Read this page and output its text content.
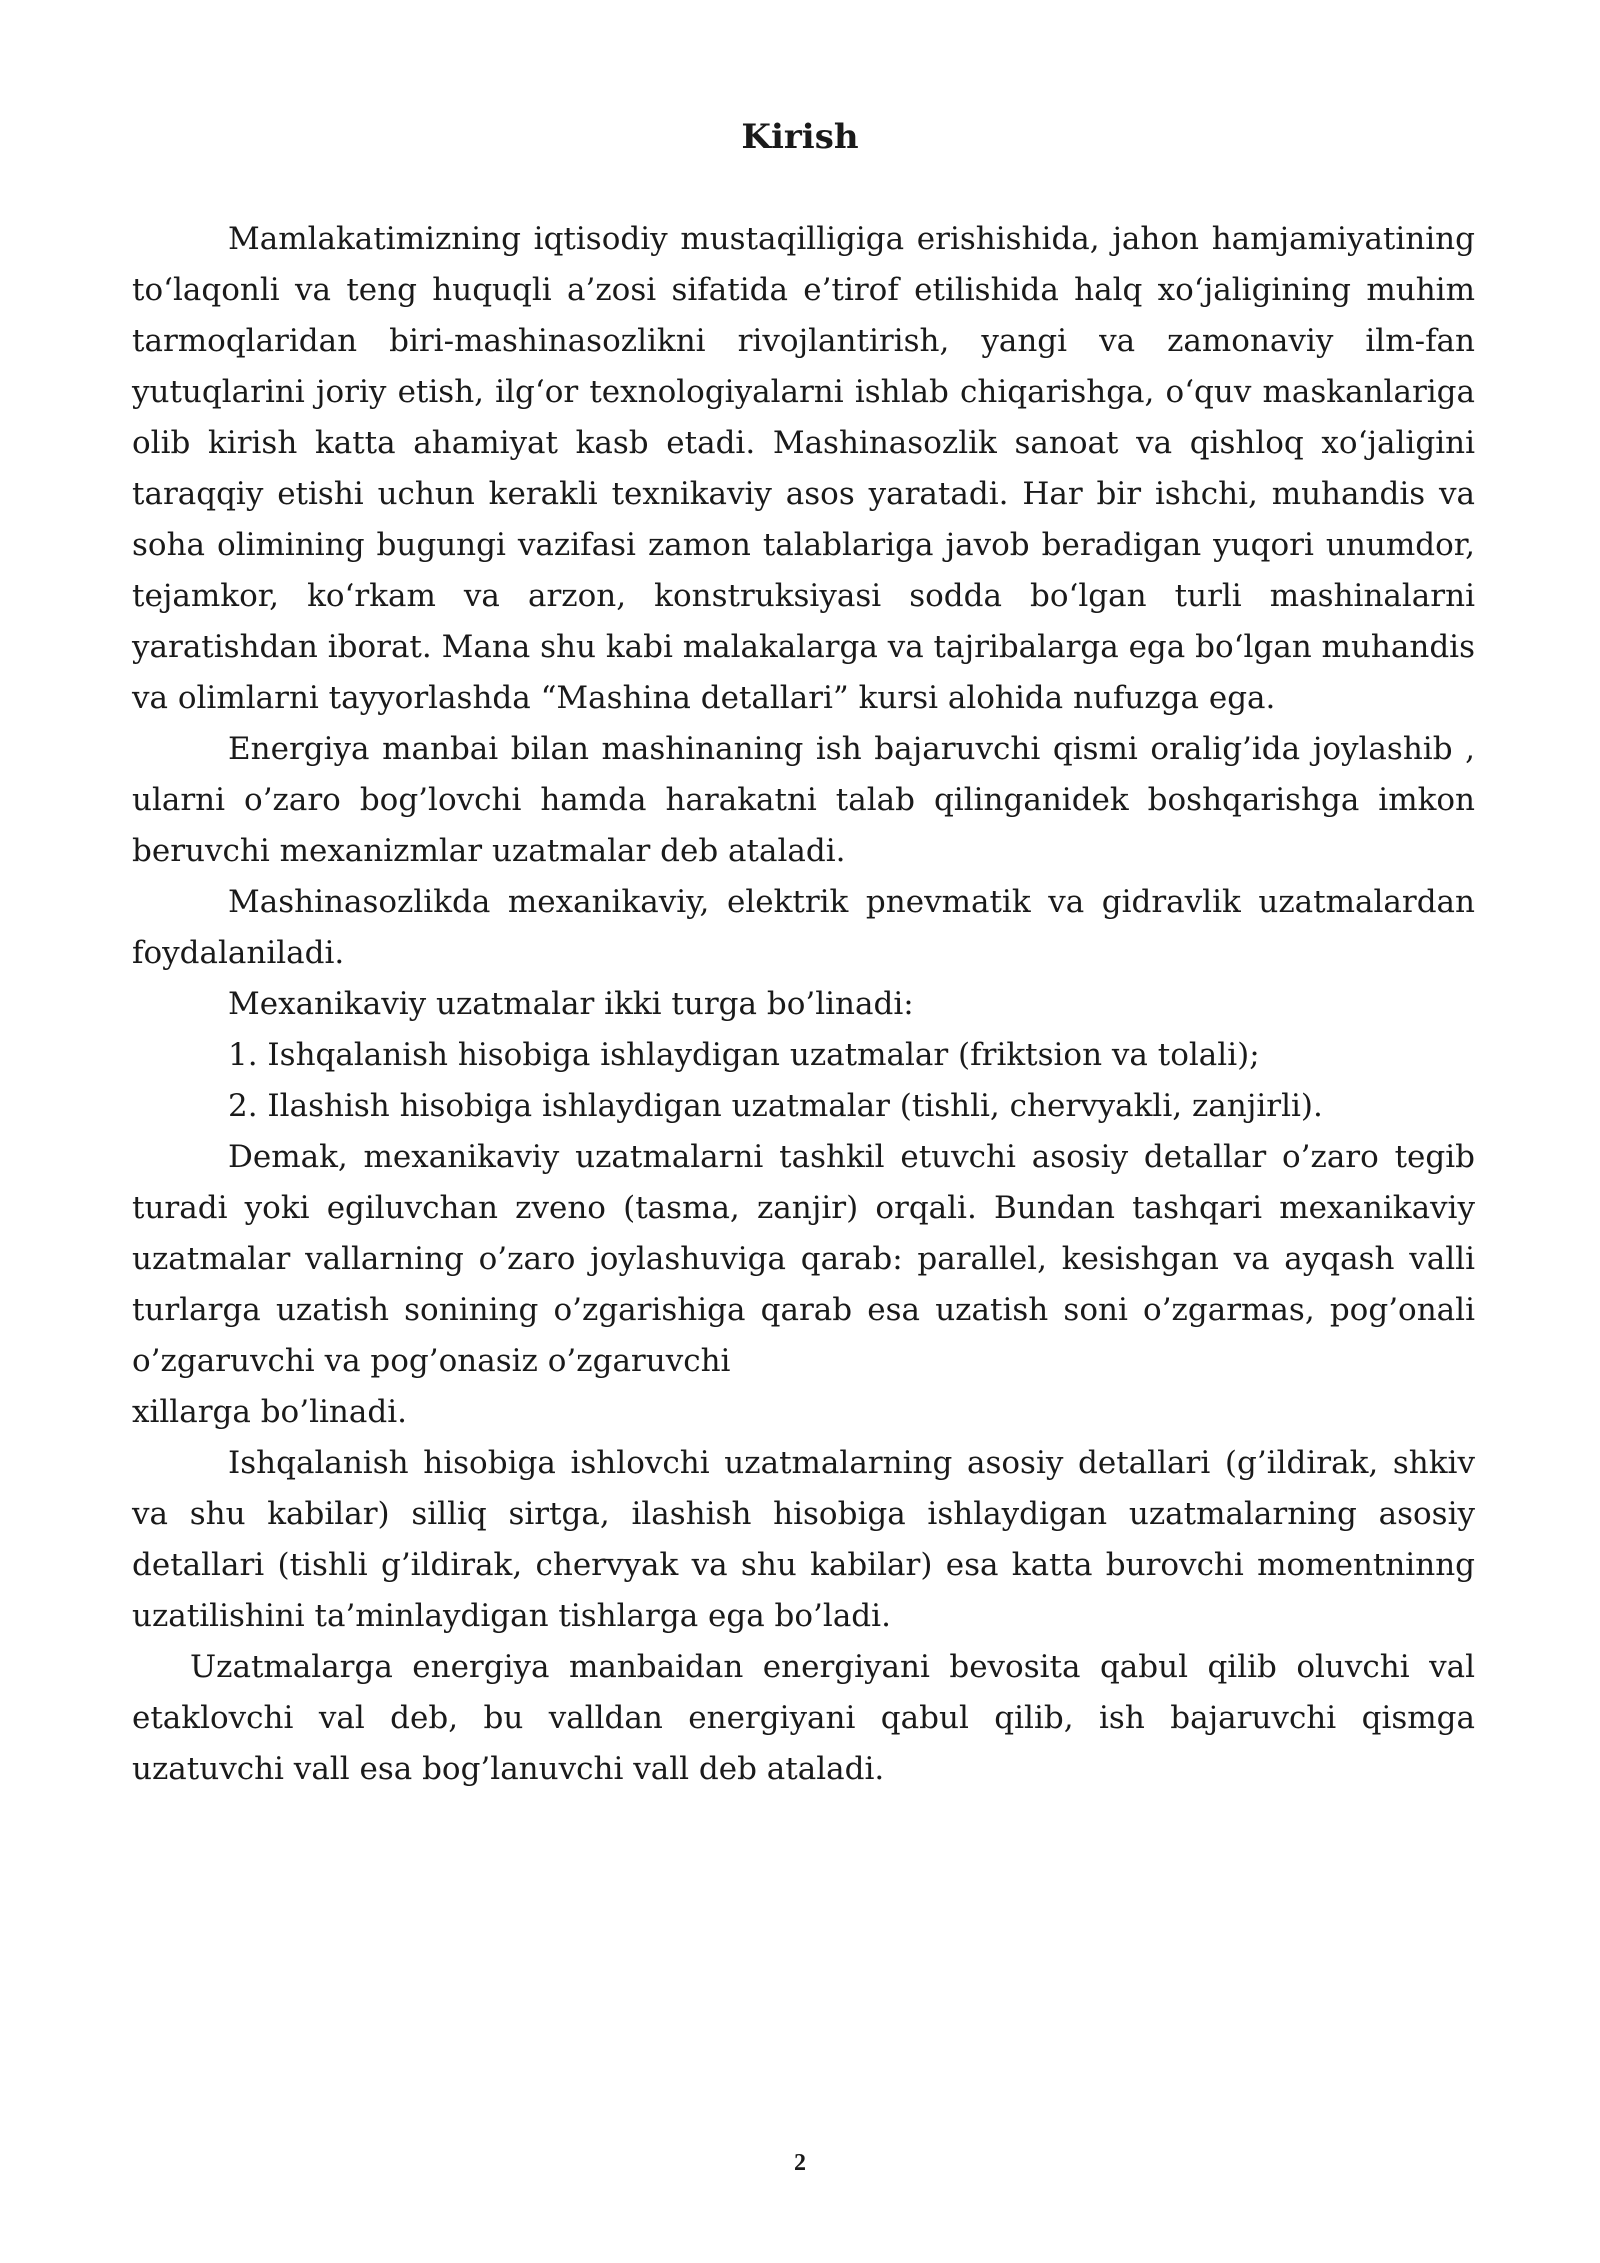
Kirish

Mamlakatimizning iqtisodiy mustaqilligiga erishishida, jahon hamjamiyatining to‘laqonli va teng huquqli a’zosi sifatida e’tirof etilishida halq xo‘jaligining muhim tarmoqlaridan biri-mashinasozlikni rivojlantirish, yangi va zamonaviy ilm-fan yutuqlarini joriy etish, ilg‘or texnologiyalarni ishlab chiqarishga, o‘quv maskanlariga olib kirish katta ahamiyat kasb etadi. Mashinasozlik sanoat va qishloq xo‘jaligini taraqqiy etishi uchun kerakli texnikaviy asos yaratadi. Har bir ishchi, muhandis va soha olimining bugungi vazifasi zamon talablariga javob beradigan yuqori unumdor, tejamkor, ko‘rkam va arzon, konstruksiyasi sodda bo‘lgan turli mashinalarni yaratishdan iborat. Mana shu kabi malakalarga va tajribalarga ega bo‘lgan muhandis va olimlarni tayyorlashda “Mashina detallari” kursi alohida nufuzga ega.

Energiya manbai bilan mashinaning ish bajaruvchi qismi oralig’ida joylashib , ularni o’zaro bog’lovchi hamda harakatni talab qilinganidek boshqarishga imkon beruvchi mexanizmlar uzatmalar deb ataladi.

Mashinasozlikda mexanikaviy, elektrik pnevmatik va gidravlik uzatmalardan foydalaniladi.

Mexanikaviy uzatmalar ikki turga bo’linadi:

1. Ishqalanish hisobiga ishlaydigan uzatmalar (friktsion va tolali);

2. Ilashish hisobiga ishlaydigan uzatmalar (tishli, chervyakli, zanjirli).

Demak, mexanikaviy uzatmalarni tashkil etuvchi asosiy detallar o’zaro tegib turadi yoki egiluvchan zveno (tasma, zanjir) orqali. Bundan tashqari mexanikaviy uzatmalar vallarning o’zaro joylashuviga qarab: parallel, kesishgan va ayqash valli turlarga uzatish sonining o’zgarishiga qarab esa uzatish soni o’zgarmas, pog’onali o’zgaruvchi va pog’onasiz o’zgaruvchi

xillarga bo’linadi.

Ishqalanish hisobiga ishlovchi uzatmalarning asosiy detallari (g’ildirak, shkiv va shu kabilar) silliq sirtga, ilashish hisobiga ishlaydigan uzatmalarning asosiy detallari (tishli g’ildirak, chervyak va shu kabilar) esa katta burovchi momentninng uzatilishini ta’minlaydigan tishlarga ega bo’ladi.

Uzatmalarga energiya manbaidan energiyani bevosita qabul qilib oluvchi val etaklovchi val deb, bu valldan energiyani qabul qilib, ish bajaruvchi qismga uzatuvchi vall esa bog’lanuvchi vall deb ataladi.

2
